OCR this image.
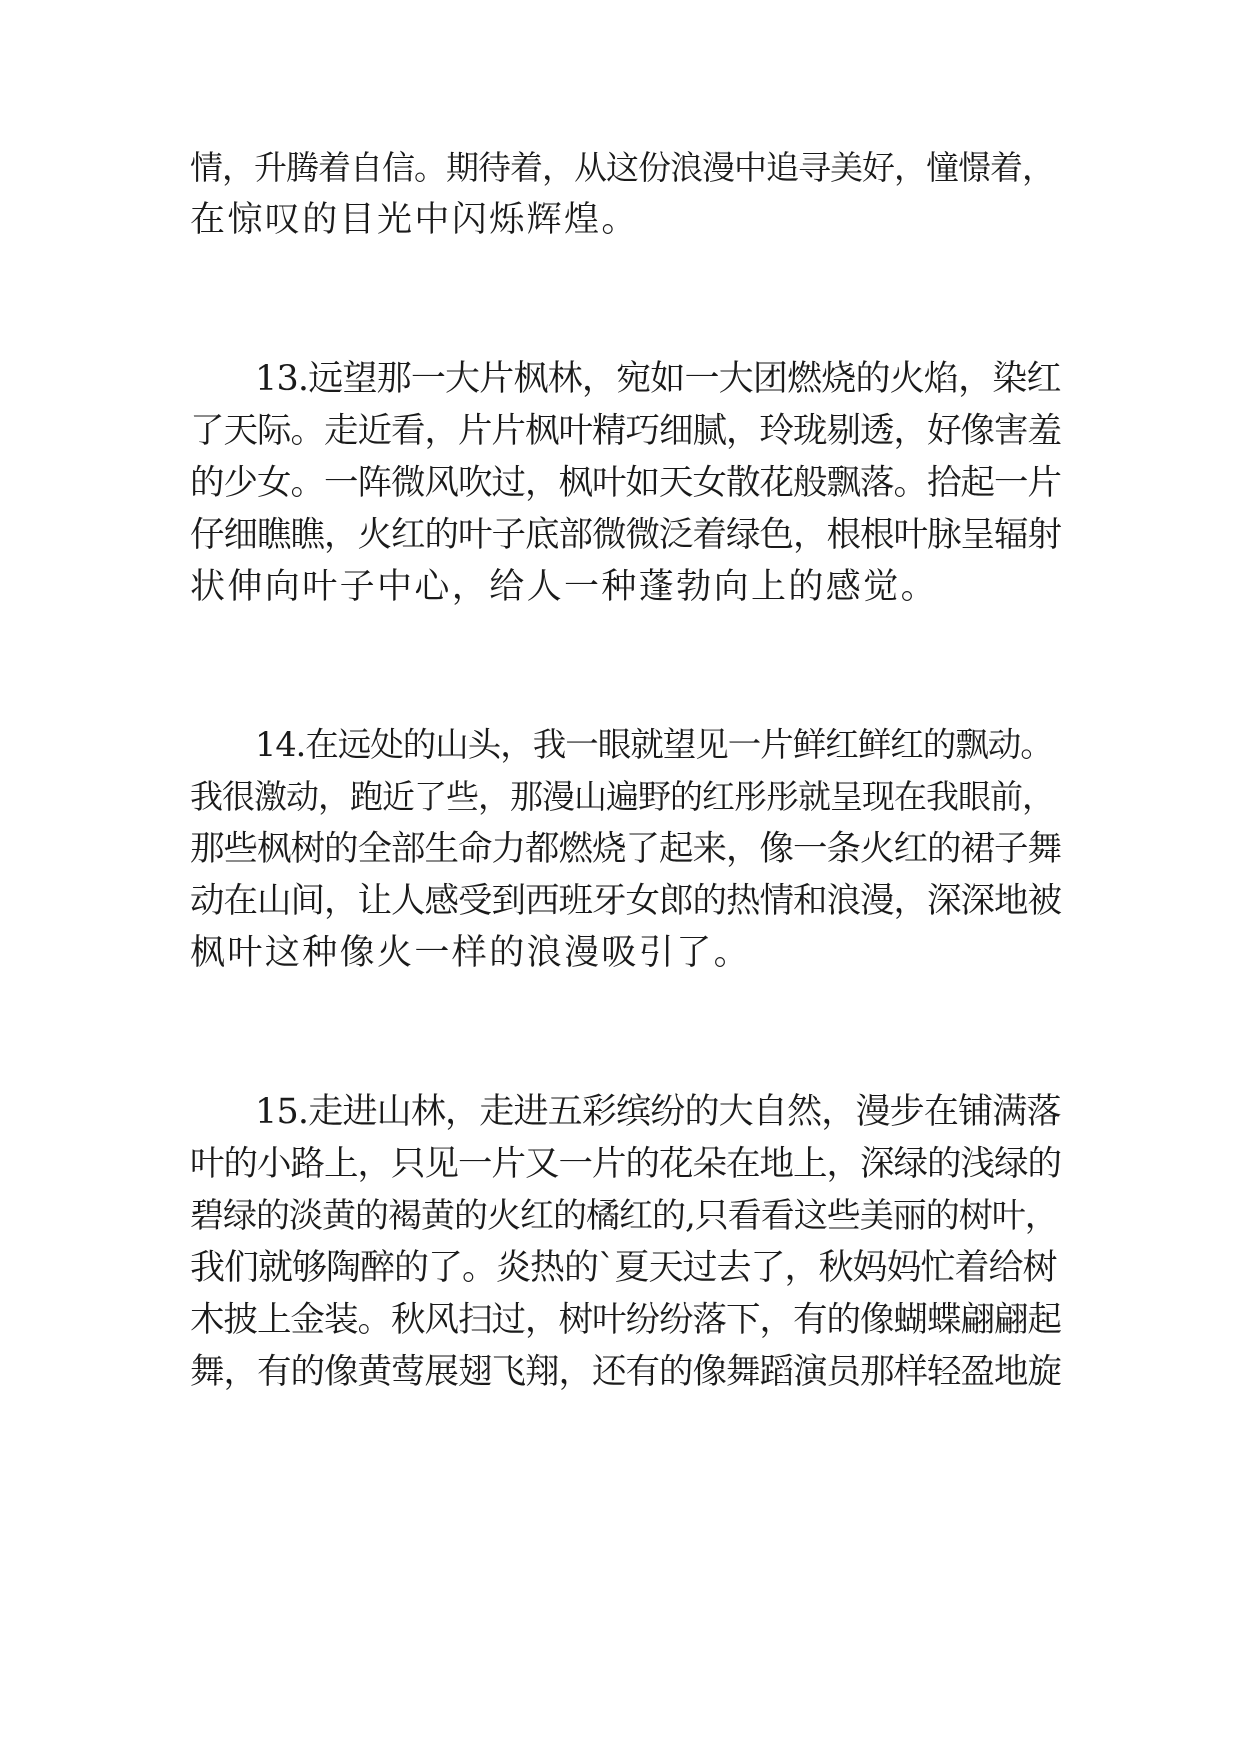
情，升腾着自信。期待着，从这份浪漫中追寻美好，憧憬着，
在惊叹的目光中闪烁辉煌。
13.远望那一大片枫林，宛如一大团燃烧的火焰，染红
了天际。走近看，片片枫叶精巧细腻，玲珑剔透，好像害羞
的少女。一阵微风吹过，枫叶如天女散花般飘落。拾起一片
仔细瞧瞧，火红的叶子底部微微泛着绿色，根根叶脉呈辐射
状伸向叶子中心，给人一种蓬勃向上的感觉。
14.在远处的山头，我一眼就望见一片鲜红鲜红的飘动。
我很激动，跑近了些，那漫山遍野的红彤彤就呈现在我眼前，
那些枫树的全部生命力都燃烧了起来，像一条火红的裙子舞
动在山间，让人感受到西班牙女郎的热情和浪漫，深深地被
枫叶这种像火一样的浪漫吸引了。
15.走进山林，走进五彩缤纷的大自然，漫步在铺满落
叶的小路上，只见一片又一片的花朵在地上，深绿的浅绿的
碧绿的淡黄的褐黄的火红的橘红的,只看看这些美丽的树叶，
我们就够陶醉的了。炎热的`夏天过去了，秋妈妈忙着给树
木披上金装。秋风扫过，树叶纷纷落下，有的像蝴蝶翩翩起
舞，有的像黄莺展翅飞翔，还有的像舞蹈演员那样轻盈地旋
